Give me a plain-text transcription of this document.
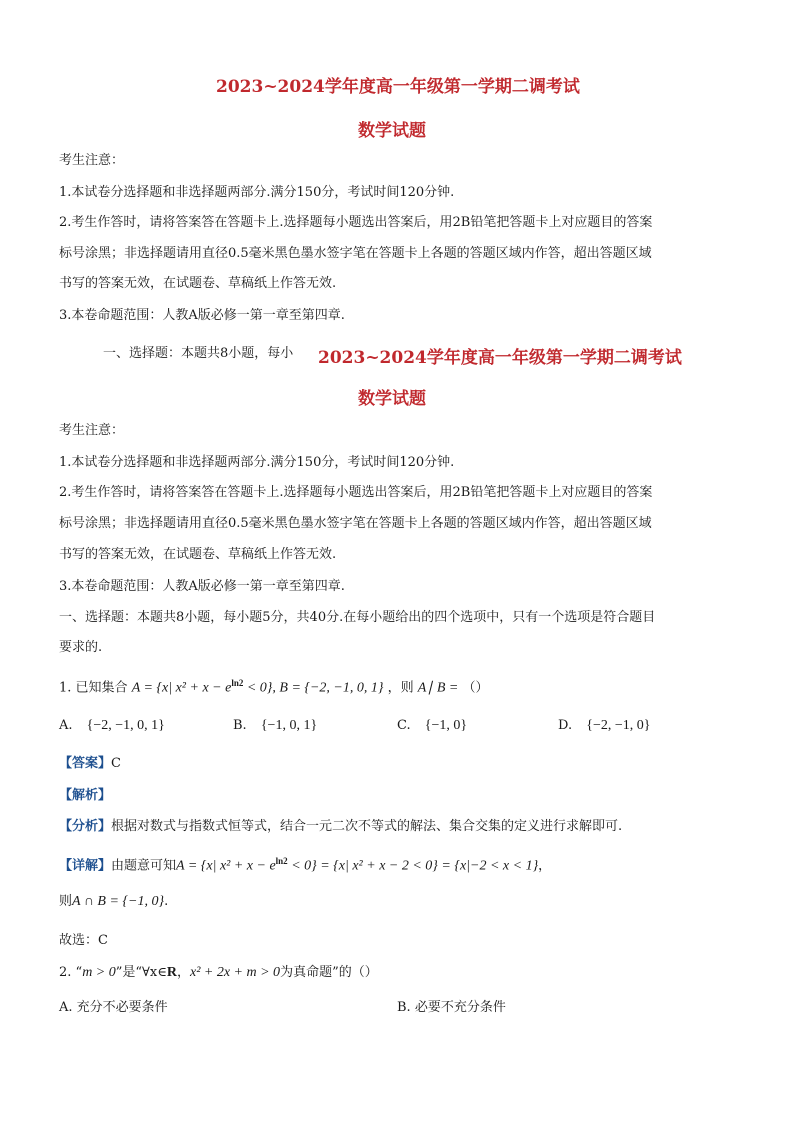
2023~2024学年度高一年级第一学期二调考试
数学试题
考生注意：
1.本试卷分选择题和非选择题两部分.满分150分，考试时间120分钟.
2.考生作答时，请将答案答在答题卡上.选择题每小题选出答案后，用2B铅笔把答题卡上对应题目的答案
标号涂黑；非选择题请用直径0.5毫米黑色墨水签字笔在答题卡上各题的答题区域内作答，超出答题区域
书写的答案无效，在试题卷、草稿纸上作答无效.
3.本卷命题范围：人教A版必修一第一章至第四章.
一、选择题：本题共8小题，每小 2023~2024学年度高一年级第一学期二调考试
数学试题
考生注意：
1.本试卷分选择题和非选择题两部分.满分150分，考试时间120分钟.
2.考生作答时，请将答案答在答题卡上.选择题每小题选出答案后，用2B铅笔把答题卡上对应题目的答案
标号涂黑；非选择题请用直径0.5毫米黑色墨水签字笔在答题卡上各题的答题区域内作答，超出答题区域
书写的答案无效，在试题卷、草稿纸上作答无效.
3.本卷命题范围：人教A版必修一第一章至第四章.
一、选择题：本题共8小题，每小题5分，共40分.在每小题给出的四个选项中，只有一个选项是符合题目
要求的.
1. 已知集合 A = {x| $x^2 + x - e^{ln2} < 0$}, B = {−2, −1, 0, 1} ，则 A∣ B = （）
A. {−2, −1, 0, 1}	B. {−1, 0, 1}	C. {−1, 0}	D. {−2, −1, 0}
【答案】C
【解析】
【分析】根据对数式与指数式恒等式，结合一元二次不等式的解法、集合交集的定义进行求解即可.
【详解】由题意可知A = {x| $x^2 + x - e^{ln2} < 0\} = \{x|$ x² + x − 2 < 0} = {x|−2 < x < 1}，
则A ∩ B = {−1, 0}.
故选：C
2. “m > 0”是“∀x∈R，x² + 2x + m > 0为真命题”的（）
A. 充分不必要条件	B. 必要不充分条件
